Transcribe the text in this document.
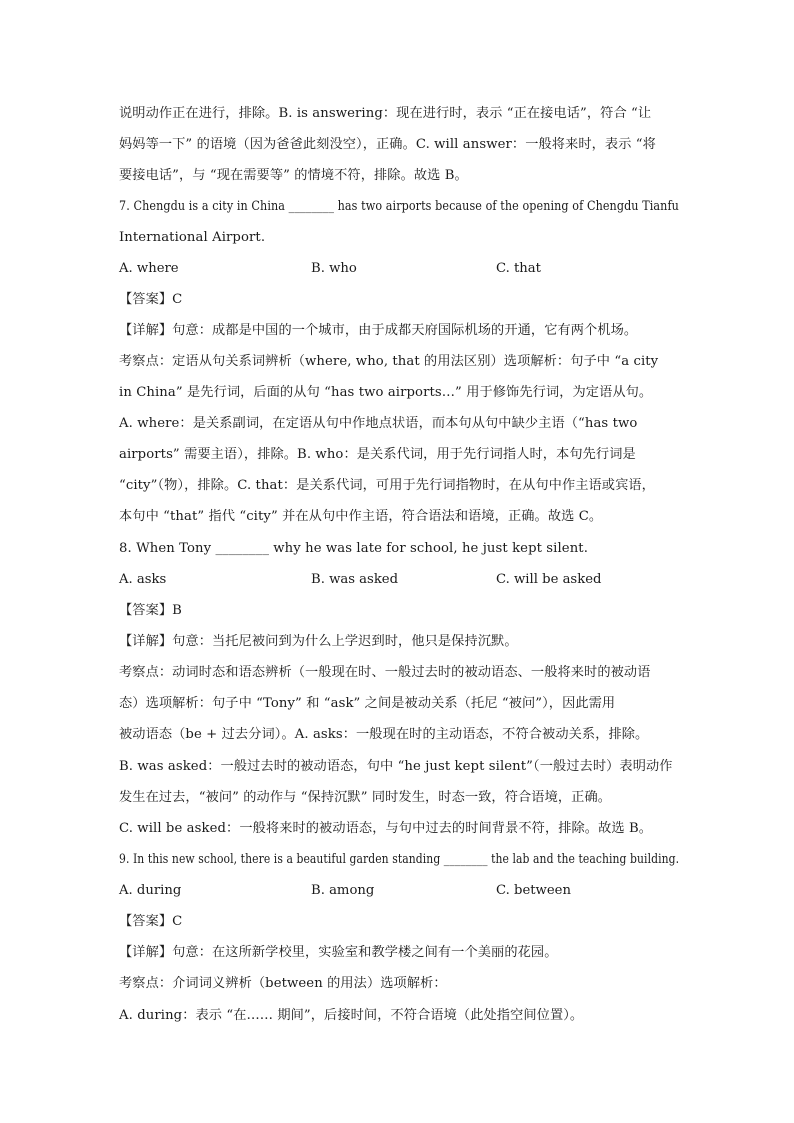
说明动作正在进行，排除。B. is answering：现在进行时，表示 “正在接电话”，符合 “让
妈妈等一下” 的语境（因为爸爸此刻没空），正确。C. will answer：一般将来时，表示 “将
要接电话”，与 “现在需要等” 的情境不符，排除。故选 B。
7. Chengdu is a city in China ________ has two airports because of the opening of Chengdu Tianfu
International Airport.
A. where	B. who	C. that
【答案】C
【详解】句意：成都是中国的一个城市，由于成都天府国际机场的开通，它有两个机场。
考察点：定语从句关系词辨析（where, who, that 的用法区别）选项解析：句子中 “a city
in China” 是先行词，后面的从句 “has two airports…” 用于修饰先行词，为定语从句。
A. where：是关系副词，在定语从句中作地点状语，而本句从句中缺少主语（“has two
airports” 需要主语），排除。B. who：是关系代词，用于先行词指人时，本句先行词是
“city”（物），排除。C. that：是关系代词，可用于先行词指物时，在从句中作主语或宾语，
本句中 “that” 指代 “city” 并在从句中作主语，符合语法和语境，正确。故选 C。
8. When Tony ________ why he was late for school, he just kept silent.
A. asks	B. was asked	C. will be asked
【答案】B
【详解】句意：当托尼被问到为什么上学迟到时，他只是保持沉默。
考察点：动词时态和语态辨析（一般现在时、一般过去时的被动语态、一般将来时的被动语
态）选项解析：句子中 “Tony” 和 “ask” 之间是被动关系（托尼 “被问”），因此需用
被动语态（be + 过去分词）。A. asks：一般现在时的主动语态，不符合被动关系，排除。
B. was asked：一般过去时的被动语态，句中 “he just kept silent”（一般过去时）表明动作
发生在过去，“被问” 的动作与 “保持沉默” 同时发生，时态一致，符合语境，正确。
C. will be asked：一般将来时的被动语态，与句中过去的时间背景不符，排除。故选 B。
9. In this new school, there is a beautiful garden standing ________ the lab and the teaching building.
A. during	B. among	C. between
【答案】C
【详解】句意：在这所新学校里，实验室和教学楼之间有一个美丽的花园。
考察点：介词词义辨析（between 的用法）选项解析：
A. during：表示 “在…… 期间”，后接时间，不符合语境（此处指空间位置）。
